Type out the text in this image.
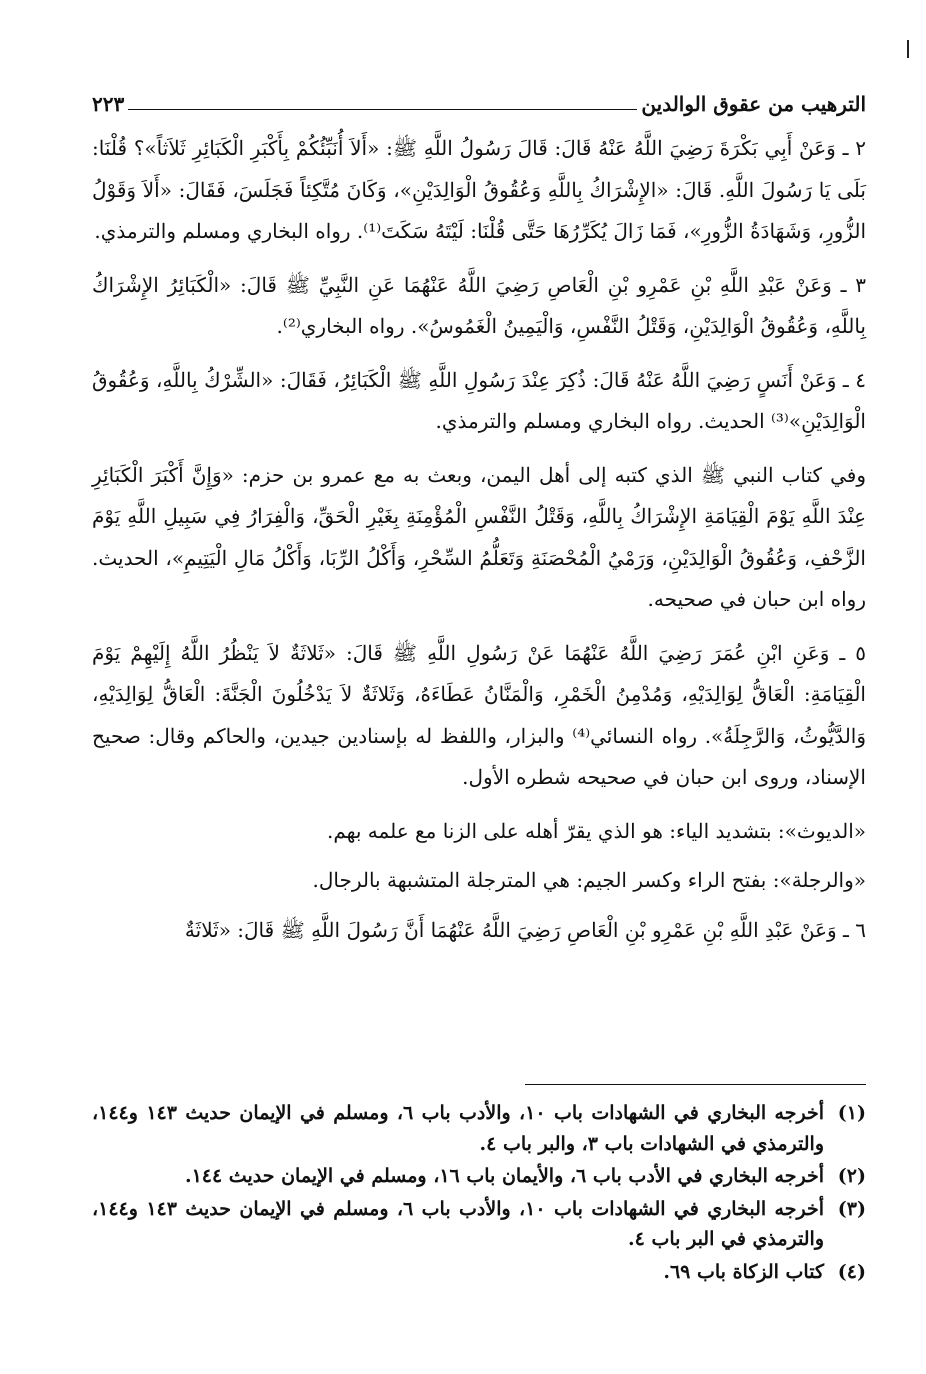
الترهيب من عقوق الوالدين
٢٢٣

٢ ـ وَعَنْ أَبِي بَكْرَةَ رَضِيَ اللَّهُ عَنْهُ قَالَ: قَالَ رَسُولُ اللَّهِ ﷺ: «أَلاَ أُنَبِّئُكُمْ بِأَكْبَرِ الْكَبَائِرِ ثَلاَثاً»؟ قُلْنَا: بَلَى يَا رَسُولَ اللَّهِ. قَالَ: «الإِشْرَاكُ بِاللَّهِ وَعُقُوقُ الْوَالِدَيْنِ»، وَكَانَ مُتَّكِئاً فَجَلَسَ، فَقَالَ: «أَلاَ وَقَوْلُ الزُّورِ، وَشَهَادَةُ الزُّورِ»، فَمَا زَالَ يُكَرِّرُهَا حَتَّى قُلْنَا: لَيْتَهُ سَكَتَ⁽¹⁾. رواه البخاري ومسلم والترمذي.

٣ ـ وَعَنْ عَبْدِ اللَّهِ بْنِ عَمْرِو بْنِ الْعَاصِ رَضِيَ اللَّهُ عَنْهُمَا عَنِ النَّبِيِّ ﷺ قَالَ: «الْكَبَائِرُ الإِشْرَاكُ بِاللَّهِ، وَعُقُوقُ الْوَالِدَيْنِ، وَقَتْلُ النَّفْسِ، وَالْيَمِينُ الْغَمُوسُ». رواه البخاري⁽²⁾.

٤ ـ وَعَنْ أَنَسٍ رَضِيَ اللَّهُ عَنْهُ قَالَ: ذُكِرَ عِنْدَ رَسُولِ اللَّهِ ﷺ الْكَبَائِرُ، فَقَالَ: «الشِّرْكُ بِاللَّهِ، وَعُقُوقُ الْوَالِدَيْنِ»⁽³⁾ الحديث. رواه البخاري ومسلم والترمذي.

وفي كتاب النبي ﷺ الذي كتبه إلى أهل اليمن، وبعث به مع عمرو بن حزم: «وَإِنَّ أَكْبَرَ الْكَبَائِرِ عِنْدَ اللَّهِ يَوْمَ الْقِيَامَةِ الإِشْرَاكُ بِاللَّهِ، وَقَتْلُ النَّفْسِ الْمُؤْمِنَةِ بِغَيْرِ الْحَقِّ، وَالْفِرَارُ فِي سَبِيلِ اللَّهِ يَوْمَ الزَّحْفِ، وَعُقُوقُ الْوَالِدَيْنِ، وَرَمْيُ الْمُحْصَنَةِ وَتَعَلُّمُ السِّحْرِ، وَأَكْلُ الرِّبَا، وَأَكْلُ مَالِ الْيَتِيمِ»، الحديث. رواه ابن حبان في صحيحه.

٥ ـ وَعَنِ ابْنِ عُمَرَ رَضِيَ اللَّهُ عَنْهُمَا عَنْ رَسُولِ اللَّهِ ﷺ قَالَ: «ثَلاثَةٌ لاَ يَنْظُرُ اللَّهُ إِلَيْهِمْ يَوْمَ الْقِيَامَةِ: الْعَاقُّ لِوَالِدَيْهِ، وَمُدْمِنُ الْخَمْرِ، وَالْمَنَّانُ عَطَاءَهُ، وَثَلاثَةٌ لاَ يَدْخُلُونَ الْجَنَّةَ: الْعَاقُّ لِوَالِدَيْهِ، وَالدَّيُّوثُ، وَالرَّجِلَةُ». رواه النسائي⁽⁴⁾ والبزار، واللفظ له بإسنادين جيدين، والحاكم وقال: صحيح الإسناد، وروى ابن حبان في صحيحه شطره الأول.

«الديوث»: بتشديد الياء: هو الذي يقرّ أهله على الزنا مع علمه بهم.

«والرجلة»: بفتح الراء وكسر الجيم: هي المترجلة المتشبهة بالرجال.

٦ ـ وَعَنْ عَبْدِ اللَّهِ بْنِ عَمْرِو بْنِ الْعَاصِ رَضِيَ اللَّهُ عَنْهُمَا أَنَّ رَسُولَ اللَّهِ ﷺ قَالَ: «ثَلاثَةٌ

(١)
أخرجه البخاري في الشهادات باب ١٠، والأدب باب ٦، ومسلم في الإيمان حديث ١٤٣ و١٤٤، والترمذي في الشهادات باب ٣، والبر باب ٤.
(٢)
أخرجه البخاري في الأدب باب ٦، والأيمان باب ١٦، ومسلم في الإيمان حديث ١٤٤.
(٣)
أخرجه البخاري في الشهادات باب ١٠، والأدب باب ٦، ومسلم في الإيمان حديث ١٤٣ و١٤٤، والترمذي في البر باب ٤.
(٤)
كتاب الزكاة باب ٦٩.
